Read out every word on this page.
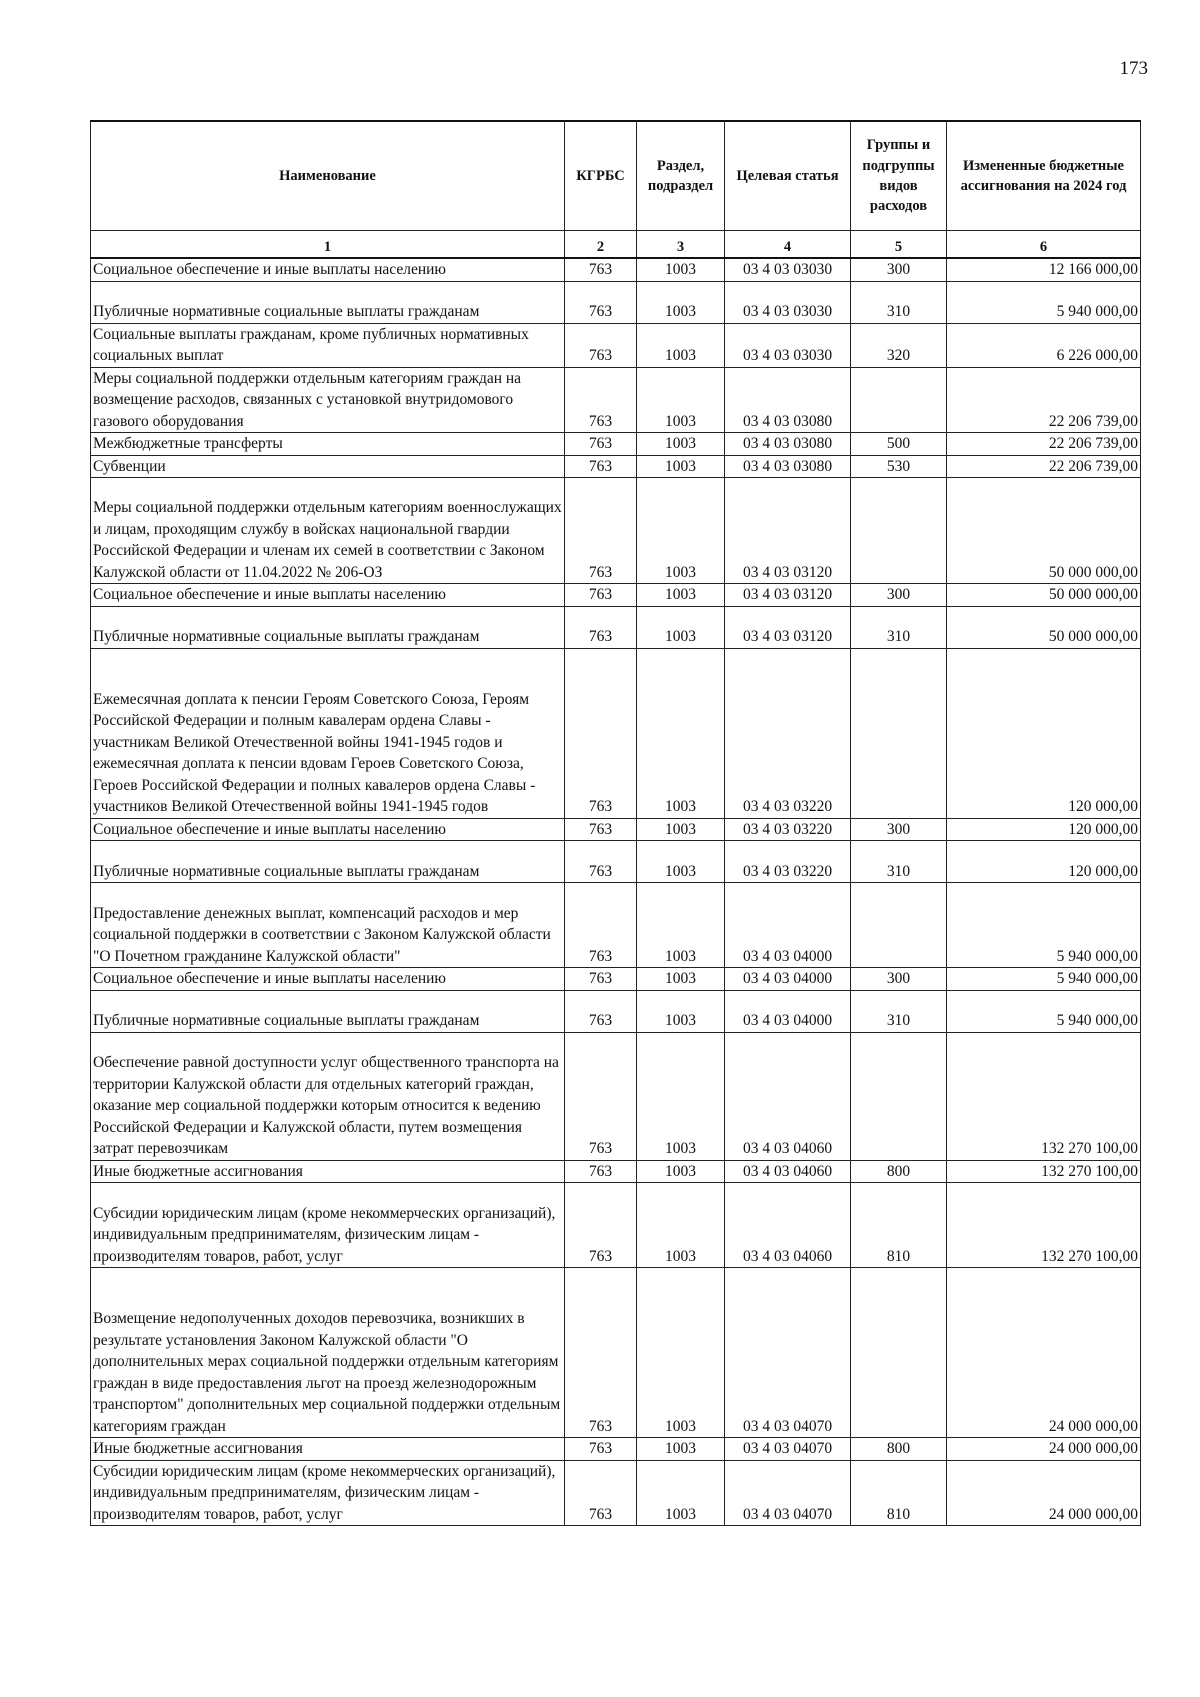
173
Наименование	КГРБС	Раздел, подраздел	Целевая статья	Группы и подгруппы видов расходов	Измененные бюджетные ассигнования на 2024 год
1	2	3	4	5	6
Социальное обеспечение и иные выплаты населению	763	1003	03 4 03 03030	300	12 166 000,00
Публичные нормативные социальные выплаты гражданам	763	1003	03 4 03 03030	310	5 940 000,00
Социальные выплаты гражданам, кроме публичных нормативных социальных выплат	763	1003	03 4 03 03030	320	6 226 000,00
Меры социальной поддержки отдельным категориям граждан на возмещение расходов, связанных с установкой внутридомового газового оборудования	763	1003	03 4 03 03080		22 206 739,00
Межбюджетные трансферты	763	1003	03 4 03 03080	500	22 206 739,00
Субвенции	763	1003	03 4 03 03080	530	22 206 739,00
Меры социальной поддержки отдельным категориям военнослужащих и лицам, проходящим службу в войсках национальной гвардии Российской Федерации и членам их семей в соответствии с Законом Калужской области от 11.04.2022 № 206-ОЗ	763	1003	03 4 03 03120		50 000 000,00
Социальное обеспечение и иные выплаты населению	763	1003	03 4 03 03120	300	50 000 000,00
Публичные нормативные социальные выплаты гражданам	763	1003	03 4 03 03120	310	50 000 000,00
Ежемесячная доплата к пенсии Героям Советского Союза, Героям Российской Федерации и полным кавалерам ордена Славы - участникам Великой Отечественной войны 1941-1945 годов и ежемесячная доплата к пенсии вдовам Героев Советского Союза, Героев Российской Федерации и полных кавалеров ордена Славы - участников Великой Отечественной войны 1941-1945 годов	763	1003	03 4 03 03220		120 000,00
Социальное обеспечение и иные выплаты населению	763	1003	03 4 03 03220	300	120 000,00
Публичные нормативные социальные выплаты гражданам	763	1003	03 4 03 03220	310	120 000,00
Предоставление денежных выплат, компенсаций расходов и мер социальной поддержки в соответствии с Законом Калужской области "О Почетном гражданине Калужской области"	763	1003	03 4 03 04000		5 940 000,00
Социальное обеспечение и иные выплаты населению	763	1003	03 4 03 04000	300	5 940 000,00
Публичные нормативные социальные выплаты гражданам	763	1003	03 4 03 04000	310	5 940 000,00
Обеспечение равной доступности услуг общественного транспорта на территории Калужской области для отдельных категорий граждан, оказание мер социальной поддержки которым относится к ведению Российской Федерации и Калужской области, путем возмещения затрат перевозчикам	763	1003	03 4 03 04060		132 270 100,00
Иные бюджетные ассигнования	763	1003	03 4 03 04060	800	132 270 100,00
Субсидии юридическим лицам (кроме некоммерческих организаций), индивидуальным предпринимателям, физическим лицам - производителям товаров, работ, услуг	763	1003	03 4 03 04060	810	132 270 100,00
Возмещение недополученных доходов перевозчика, возникших в результате установления Законом Калужской области "О дополнительных мерах социальной поддержки отдельным категориям граждан в виде предоставления льгот на проезд железнодорожным транспортом" дополнительных мер социальной поддержки отдельным категориям граждан	763	1003	03 4 03 04070		24 000 000,00
Иные бюджетные ассигнования	763	1003	03 4 03 04070	800	24 000 000,00
Субсидии юридическим лицам (кроме некоммерческих организаций), индивидуальным предпринимателям, физическим лицам - производителям товаров, работ, услуг	763	1003	03 4 03 04070	810	24 000 000,00
